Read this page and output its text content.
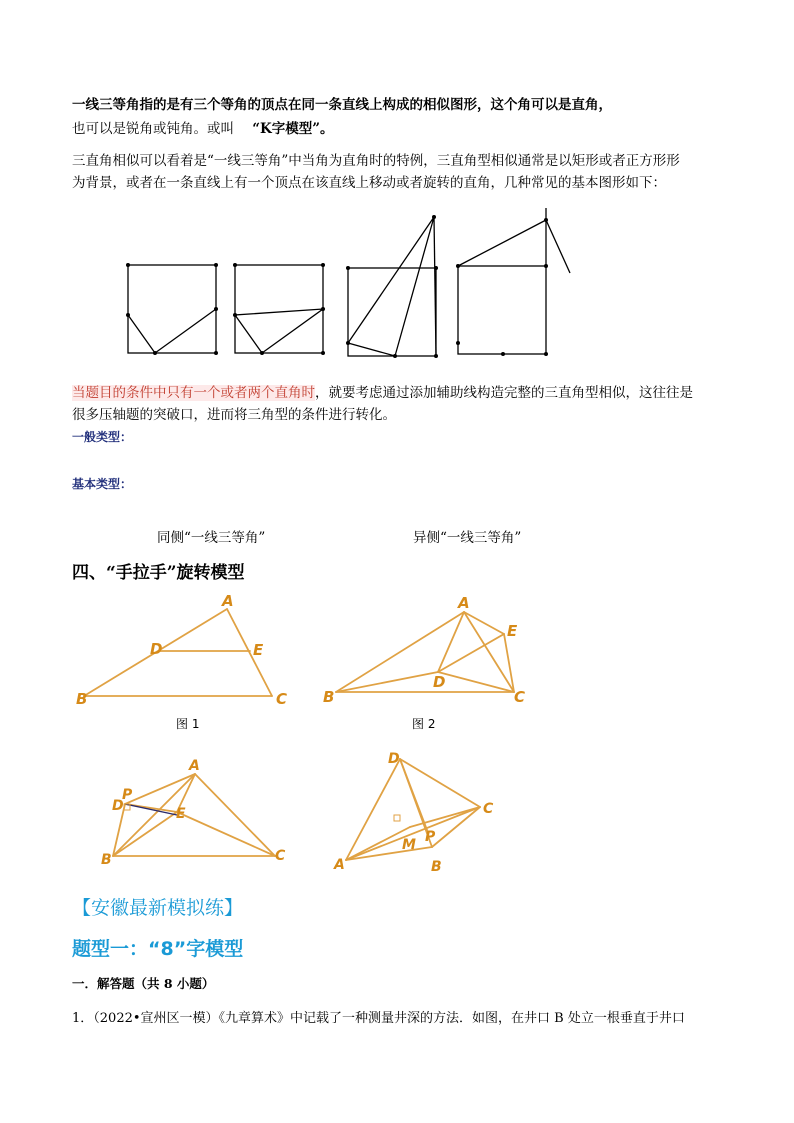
一线三等角指的是有三个等角的顶点在同一条直线上构成的相似图形，这个角可以是直角，
也可以是锐角或钝角。或叫 “K字模型”。
三直角相似可以看着是“一线三等角”中当角为直角时的特例，三直角型相似通常是以矩形或者正方形形
为背景，或者在一条直线上有一个顶点在该直线上移动或者旋转的直角，几种常见的基本图形如下：
当题目的条件中只有一个或者两个直角时，就要考虑通过添加辅助线构造完整的三直角型相似，这往往是
很多压轴题的突破口，进而将三角型的条件进行转化。
一般类型：
基本类型：
同侧“一线三等角”	异侧“一线三等角”
四、“手拉手”旋转模型
A
D	E
B	C
图 1
A
E
D
B	C
图 2
A
D
P
E
B	C
D
C
P
M
A	B
【安徽最新模拟练】
题型一：“8”字模型
一．解答题（共 8 小题）
1．（2022•宣州区一模）《九章算术》中记载了一种测量井深的方法．如图，在井口 B 处立一根垂直于井口
